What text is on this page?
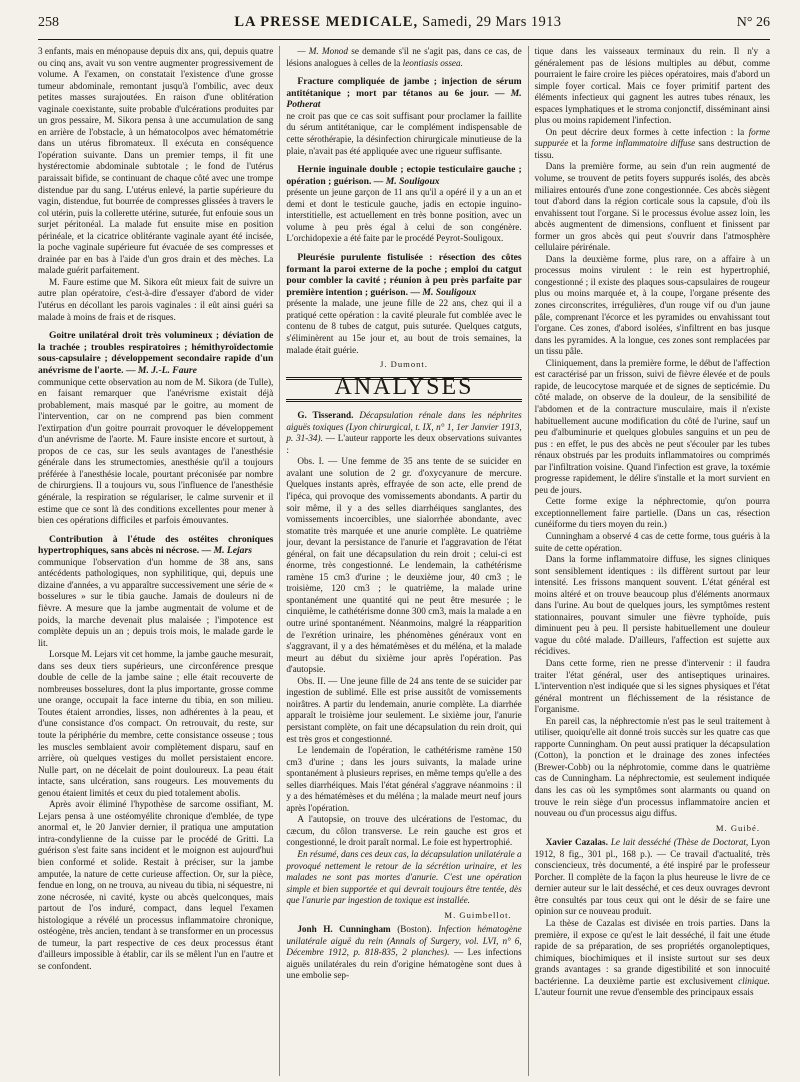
258	LA PRESSE MEDICALE, Samedi, 29 Mars 1913	N° 26

3 enfants, mais en ménopause depuis dix ans, qui, depuis quatre ou cinq ans, avait vu son ventre augmenter progressivement de volume. A l'examen, on constatait l'existence d'une grosse tumeur abdominale, remontant jusqu'à l'ombilic, avec deux petites masses surajoutées. En raison d'une oblitération vaginale coexistante, suite probable d'ulcérations produites par un gros pessaire, M. Sikora pensa à une accumulation de sang en arrière de l'obstacle, à un hématocolpos avec hématométrie dans un utérus fibromateux. Il exécuta en conséquence l'opération suivante. Dans un premier temps, il fit une hystérectomie abdominale subtotale ; le fond de l'utérus paraissait bifide, se continuant de chaque côté avec une trompe distendue par du sang. L'utérus enlevé, la partie supérieure du vagin, distendue, fut bourrée de compresses glissées à travers le col utérin, puis la collerette utérine, suturée, fut enfouie sous un surjet péritonéal. La malade fut ensuite mise en position périnéale, et la cicatrice oblitérante vaginale ayant été incisée, la poche vaginale supérieure fut évacuée de ses compresses et drainée par en bas à l'aide d'un gros drain et des mèches. La malade guérit parfaitement.

M. Faure estime que M. Sikora eût mieux fait de suivre un autre plan opératoire, c'est-à-dire d'essayer d'abord de vider l'utérus en décollant les parois vaginales : il eût ainsi guéri sa malade à moins de frais et de risques.

Goitre unilatéral droit très volumineux ; déviation de la trachée ; troubles respiratoires ; hémithyroïdectomie sous-capsulaire ; développement secondaire rapide d'un anévrisme de l'aorte. — M. J.-L. Faure

communique cette observation au nom de M. Sikora (de Tulle), en faisant remarquer que l'anévrisme existait déjà probablement, mais masqué par le goitre, au moment de l'intervention, car on ne comprend pas bien comment l'extirpation d'un goitre pourrait provoquer le développement d'un anévrisme de l'aorte. M. Faure insiste encore et surtout, à propos de ce cas, sur les seuls avantages de l'anesthésie générale dans les strumectomies, anesthésie qu'il a toujours préférée à l'anesthésie locale, pourtant préconisée par nombre de chirurgiens. Il a toujours vu, sous l'influence de l'anesthésie générale, la respiration se régulariser, le calme survenir et il estime que ce sont là des conditions excellentes pour mener à bien ces opérations difficiles et parfois émouvantes.

Contribution à l'étude des ostéites chroniques hypertrophiques, sans abcès ni nécrose. — M. Lejars

communique l'observation d'un homme de 38 ans, sans antécédents pathologiques, non syphilitique, qui, depuis une dizaine d'années, a vu apparaître successivement une série de « bosselures » sur le tibia gauche. Jamais de douleurs ni de fièvre. A mesure que la jambe augmentait de volume et de poids, la marche devenait plus malaisée ; l'impotence est complète depuis un an ; depuis trois mois, le malade garde le lit.

Lorsque M. Lejars vit cet homme, la jambe gauche mesurait, dans ses deux tiers supérieurs, une circonférence presque double de celle de la jambe saine ; elle était recouverte de nombreuses bosselures, dont la plus importante, grosse comme une orange, occupait la face interne du tibia, en son milieu. Toutes étaient arrondies, lisses, non adhérentes à la peau, et d'une consistance d'os compact. On retrouvait, du reste, sur toute la périphérie du membre, cette consistance osseuse ; tous les muscles semblaient avoir complètement disparu, sauf en arrière, où quelques vestiges du mollet persistaient encore. Nulle part, on ne décelait de point douloureux. La peau était intacte, sans ulcération, sans rougeurs. Les mouvements du genou étaient limités et ceux du pied totalement abolis.

Après avoir éliminé l'hypothèse de sarcome ossifiant, M. Lejars pensa à une ostéomyélite chronique d'emblée, de type anormal et, le 20 Janvier dernier, il pratiqua une amputation intra-condylienne de la cuisse par le procédé de Gritti. La guérison s'est faite sans incident et le moignon est aujourd'hui bien conformé et solide. Restait à préciser, sur la jambe amputée, la nature de cette curieuse affection. Or, sur la pièce, fendue en long, on ne trouva, au niveau du tibia, ni séquestre, ni zone nécrosée, ni cavité, kyste ou abcès quelconques, mais partout de l'os induré, compact, dans lequel l'examen histologique a révélé un processus inflammatoire chronique, ostéogène, très ancien, tendant à se transformer en un processus de tumeur, la part respective de ces deux processus étant d'ailleurs impossible à établir, car ils se mêlent l'un en l'autre et se confondent.

— M. Monod se demande s'il ne s'agit pas, dans ce cas, de lésions analogues à celles de la leontiasis ossea.

Fracture compliquée de jambe ; injection de sérum antitétanique ; mort par tétanos au 6e jour. — M. Potherat

ne croit pas que ce cas soit suffisant pour proclamer la faillite du sérum antitétanique, car le complément indispensable de cette sérothérapie, la désinfection chirurgicale minutieuse de la plaie, n'avait pas été appliquée avec une rigueur suffisante.

Hernie inguinale double ; ectopie testiculaire gauche ; opération ; guérison. — M. Souligoux

présente un jeune garçon de 11 ans qu'il a opéré il y a un an et demi et dont le testicule gauche, jadis en ectopie inguino-interstitielle, est actuellement en très bonne position, avec un volume à peu près égal à celui de son congénère. L'orchidopexie a été faite par le procédé Peyrot-Souligoux.

Pleurésie purulente fistulisée : résection des côtes formant la paroi externe de la poche ; emploi du catgut pour combler la cavité ; réunion à peu près parfaite par première intention ; guérison. — M. Souligoux

présente la malade, une jeune fille de 22 ans, chez qui il a pratiqué cette opération : la cavité pleurale fut comblée avec le contenu de 8 tubes de catgut, puis suturée. Quelques catguts, s'éliminèrent au 15e jour et, au bout de trois semaines, la malade était guérie.

J. Dumont.
ANALYSES

G. Tisserand. Décapsulation rénale dans les néphrites aiguës toxiques (Lyon chirurgical, t. IX, n° 1, 1er Janvier 1913, p. 31-34). — L'auteur rapporte les deux observations suivantes :

Obs. I. — Une femme de 35 ans tente de se suicider en avalant une solution de 2 gr. d'oxycyanure de mercure. Quelques instants après, effrayée de son acte, elle prend de l'ipéca, qui provoque des vomissements abondants. A partir du soir même, il y a des selles diarrhéiques sanglantes, des vomissements incoercibles, une sialorrhée abondante, avec stomatite très marquée et une anurie complète. Le quatrième jour, devant la persistance de l'anurie et l'aggravation de l'état général, on fait une décapsulation du rein droit ; celui-ci est énorme, très congestionné. Le lendemain, la cathétérisme ramène 15 cm3 d'urine ; le deuxième jour, 40 cm3 ; le troisième, 120 cm3 ; le quatrième, la malade urine spontanément une quantité qui ne peut être mesurée ; le cinquième, le cathétérisme donne 300 cm3, mais la malade a en outre uriné spontanément. Néanmoins, malgré la réapparition de l'exrétion urinaire, les phénomènes généraux vont en s'aggravant, il y a des hématémèses et du méléna, et la malade meurt au début du sixième jour après l'opération. Pas d'autopsie.

Obs. II. — Une jeune fille de 24 ans tente de se suicider par ingestion de sublimé. Elle est prise aussitôt de vomissements noirâtres. A partir du lendemain, anurie complète. La diarrhée apparaît le troisième jour seulement. Le sixième jour, l'anurie persistant complète, on fait une décapsulation du rein droit, qui est très gros et congestionné.

Le lendemain de l'opération, le cathétérisme ramène 150 cm3 d'urine ; dans les jours suivants, la malade urine spontanément à plusieurs reprises, en même temps qu'elle a des selles diarrhéiques. Mais l'état général s'aggrave néanmoins : il y a des hématémèses et du méléna ; la malade meurt neuf jours après l'opération.

A l'autopsie, on trouve des ulcérations de l'estomac, du cæcum, du côlon transverse. Le rein gauche est gros et congestionné, le droit paraît normal. Le foie est hypertrophié.

En résumé, dans ces deux cas, la décapsulation unilatérale a provoqué nettement le retour de la sécrétion urinaire, et les malades ne sont pas mortes d'anurie. C'est une opération simple et bien supportée et qui devrait toujours être tentée, dès que l'anurie par ingestion de toxique est installée.

M. Guimbellot.

Jonh H. Cunningham (Boston). Infection hématogène unilatérale aiguë du rein (Annals of Surgery, vol. LVI, n° 6, Décembre 1912, p. 818-835, 2 planches). — Les infections aiguës unilatérales du rein d'origine hématogène sont dues à une embolie sep-

tique dans les vaisseaux terminaux du rein. Il n'y a généralement pas de lésions multiples au début, comme pourraient le faire croire les pièces opératoires, mais d'abord un simple foyer cortical. Mais ce foyer primitif partent des éléments infectieux qui gagnent les autres tubes rénaux, les espaces lymphatiques et le stroma conjonctif, disséminant ainsi plus ou moins rapidement l'infection.

On peut décrire deux formes à cette infection : la forme suppurée et la forme inflammatoire diffuse sans destruction de tissu.

Dans la première forme, au sein d'un rein augmenté de volume, se trouvent de petits foyers suppurés isolés, des abcès miliaires entourés d'une zone congestionnée. Ces abcès siègent tout d'abord dans la région corticale sous la capsule, d'où ils envahissent tout l'organe. Si le processus évolue assez loin, les abcès augmentent de dimensions, confluent et finissent par former un gros abcès qui peut s'ouvrir dans l'atmosphère cellulaire périrénale.

Dans la deuxième forme, plus rare, on a affaire à un processus moins virulent : le rein est hypertrophié, congestionné ; il existe des plaques sous-capsulaires de rougeur plus ou moins marquée et, à la coupe, l'organe présente des zones circonscrites, irrégulières, d'un rouge vif ou d'un jaune pâle, comprenant l'écorce et les pyramides ou envahissant tout l'organe. Ces zones, d'abord isolées, s'infiltrent en bas jusque dans les pyramides. A la longue, ces zones sont remplacées par un tissu pâle.

Cliniquement, dans la première forme, le début de l'affection est caractérisé par un frisson, suivi de fièvre élevée et de pouls rapide, de leucocytose marquée et de signes de septicémie. Du côté malade, on observe de la douleur, de la sensibilité de l'abdomen et de la contracture musculaire, mais il n'existe habituellement aucune modification du côté de l'urine, sauf un peu d'albuminurie et quelques globules sanguins et un peu de pus : en effet, le pus des abcès ne peut s'écouler par les tubes rénaux obstrués par les produits inflammatoires ou comprimés par l'infiltration voisine. Quand l'infection est grave, la toxémie progresse rapidement, le délire s'installe et la mort survient en peu de jours.

Cette forme exige la néphrectomie, qu'on pourra exceptionnellement faire partielle. (Dans un cas, résection cunéiforme du tiers moyen du rein.)

Cunningham a observé 4 cas de cette forme, tous guéris à la suite de cette opération.

Dans la forme inflammatoire diffuse, les signes cliniques sont sensiblement identiques : ils diffèrent surtout par leur intensité. Les frissons manquent souvent. L'état général est moins altéré et on trouve beaucoup plus d'éléments anormaux dans l'urine. Au bout de quelques jours, les symptômes restent stationnaires, pouvant simuler une fièvre typhoïde, puis diminuent peu à peu. Il persiste habituellement une douleur vague du côté malade. D'ailleurs, l'affection est sujette aux récidives.

Dans cette forme, rien ne presse d'intervenir : il faudra traiter l'état général, user des antiseptiques urinaires. L'intervention n'est indiquée que si les signes physiques et l'état général montrent un fléchissement de la résistance de l'organisme.

En pareil cas, la néphrectomie n'est pas le seul traitement à utiliser, quoiqu'elle ait donné trois succès sur les quatre cas que rapporte Cunningham. On peut aussi pratiquer la décapsulation (Cotton), la ponction et le drainage des zones infectées (Brewer-Cobb) ou la néphrotomie, comme dans le quatrième cas de Cunningham. La néphrectomie, est seulement indiquée dans les cas où les symptômes sont alarmants ou quand on trouve le rein siège d'un processus inflammatoire ancien et nouveau ou d'un processus aigu diffus.

M. Guibé.

Xavier Cazalas. Le lait desséché (Thèse de Doctorat, Lyon 1912, 8 fig., 301 pl., 168 p.). — Ce travail d'actualité, très consciencieux, très documenté, a été inspiré par le professeur Porcher. Il complète de la façon la plus heureuse le livre de ce dernier auteur sur le lait desséché, et ces deux ouvrages devront être consultés par tous ceux qui ont le désir de se faire une opinion sur ce nouveau produit.

La thèse de Cazalas est divisée en trois parties. Dans la première, il expose ce qu'est le lait desséché, il fait une étude rapide de sa préparation, de ses propriétés organoleptiques, chimiques, biochimiques et il insiste surtout sur ses deux grands avantages : sa grande digestibilité et son innocuité bactérienne. La deuxième partie est exclusivement clinique. L'auteur fournit une revue d'ensemble des principaux essais
